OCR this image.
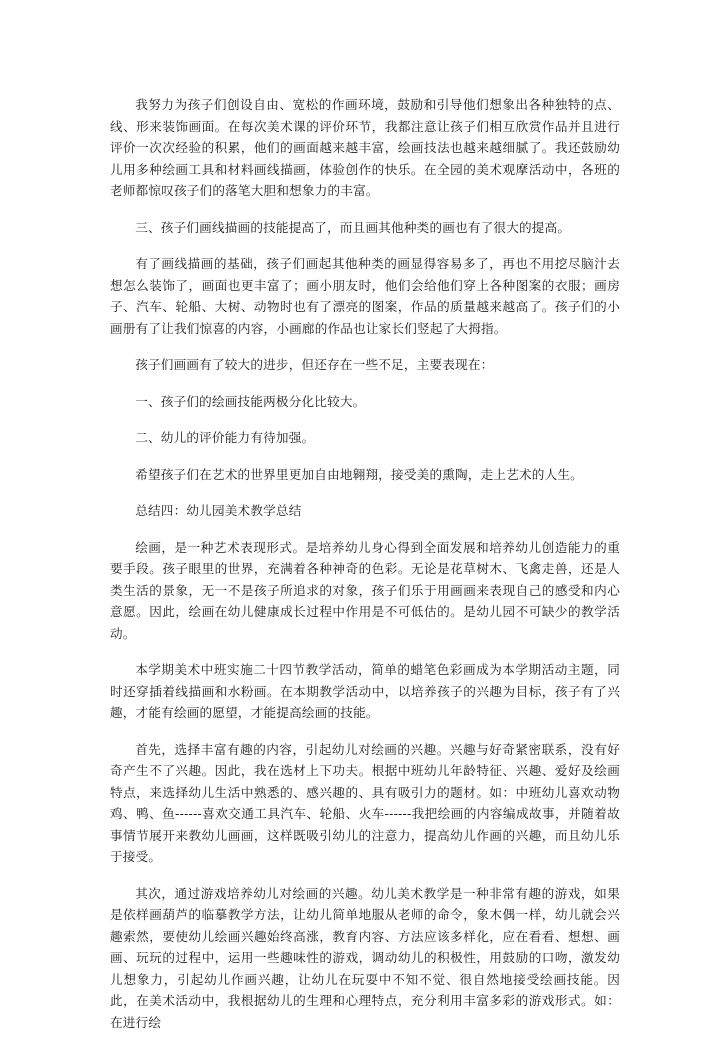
我努力为孩子们创设自由、宽松的作画环境，鼓励和引导他们想象出各种独特的点、线、形来装饰画面。在每次美术课的评价环节，我都注意让孩子们相互欣赏作品并且进行评价一次次经验的积累，他们的画面越来越丰富，绘画技法也越来越细腻了。我还鼓励幼儿用多种绘画工具和材料画线描画，体验创作的快乐。在全园的美术观摩活动中，各班的老师都惊叹孩子们的落笔大胆和想象力的丰富。

三、孩子们画线描画的技能提高了，而且画其他种类的画也有了很大的提高。

有了画线描画的基础，孩子们画起其他种类的画显得容易多了，再也不用挖尽脑汁去想怎么装饰了，画面也更丰富了；画小朋友时，他们会给他们穿上各种图案的衣服；画房子、汽车、轮船、大树、动物时也有了漂亮的图案，作品的质量越来越高了。孩子们的小画册有了让我们惊喜的内容，小画廊的作品也让家长们竖起了大拇指。

孩子们画画有了较大的进步，但还存在一些不足，主要表现在：

一、孩子们的绘画技能两极分化比较大。

二、幼儿的评价能力有待加强。

希望孩子们在艺术的世界里更加自由地翱翔，接受美的熏陶，走上艺术的人生。

总结四：幼儿园美术教学总结

绘画，是一种艺术表现形式。是培养幼儿身心得到全面发展和培养幼儿创造能力的重要手段。孩子眼里的世界，充满着各种神奇的色彩。无论是花草树木、飞禽走兽，还是人类生活的景象，无一不是孩子所追求的对象，孩子们乐于用画画来表现自己的感受和内心意愿。因此，绘画在幼儿健康成长过程中作用是不可低估的。是幼儿园不可缺少的教学活动。

本学期美术中班实施二十四节教学活动，简单的蜡笔色彩画成为本学期活动主题，同时还穿插着线描画和水粉画。在本期教学活动中，以培养孩子的兴趣为目标，孩子有了兴趣，才能有绘画的愿望，才能提高绘画的技能。

首先，选择丰富有趣的内容，引起幼儿对绘画的兴趣。兴趣与好奇紧密联系，没有好奇产生不了兴趣。因此，我在选材上下功夫。根据中班幼儿年龄特征、兴趣、爱好及绘画特点，来选择幼儿生活中熟悉的、感兴趣的、具有吸引力的题材。如：中班幼儿喜欢动物鸡、鸭、鱼------喜欢交通工具汽车、轮船、火车------我把绘画的内容编成故事，并随着故事情节展开来教幼儿画画，这样既吸引幼儿的注意力，提高幼儿作画的兴趣，而且幼儿乐于接受。

其次，通过游戏培养幼儿对绘画的兴趣。幼儿美术教学是一种非常有趣的游戏，如果是依样画葫芦的临摹教学方法，让幼儿简单地服从老师的命令，象木偶一样，幼儿就会兴趣索然，要使幼儿绘画兴趣始终高涨，教育内容、方法应该多样化，应在看看、想想、画画、玩玩的过程中，运用一些趣味性的游戏，调动幼儿的积极性，用鼓励的口吻，激发幼儿想象力，引起幼儿作画兴趣，让幼儿在玩耍中不知不觉、很自然地接受绘画技能。因此，在美术活动中，我根据幼儿的生理和心理特点，充分利用丰富多彩的游戏形式。如：在进行绘
